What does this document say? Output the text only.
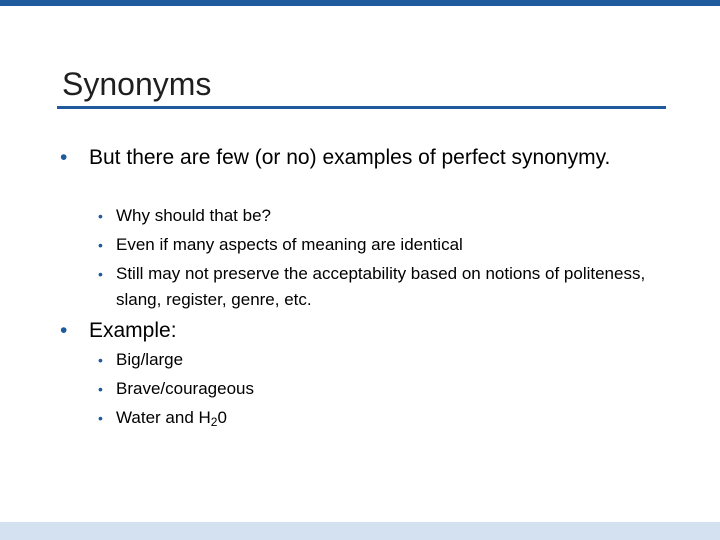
Synonyms
• But there are few (or no) examples of perfect synonymy.
• Why should that be?
• Even if many aspects of meaning are identical
• Still may not preserve the acceptability based on notions of politeness, slang, register, genre, etc.
• Example:
• Big/large
• Brave/courageous
• Water and $H_20$
